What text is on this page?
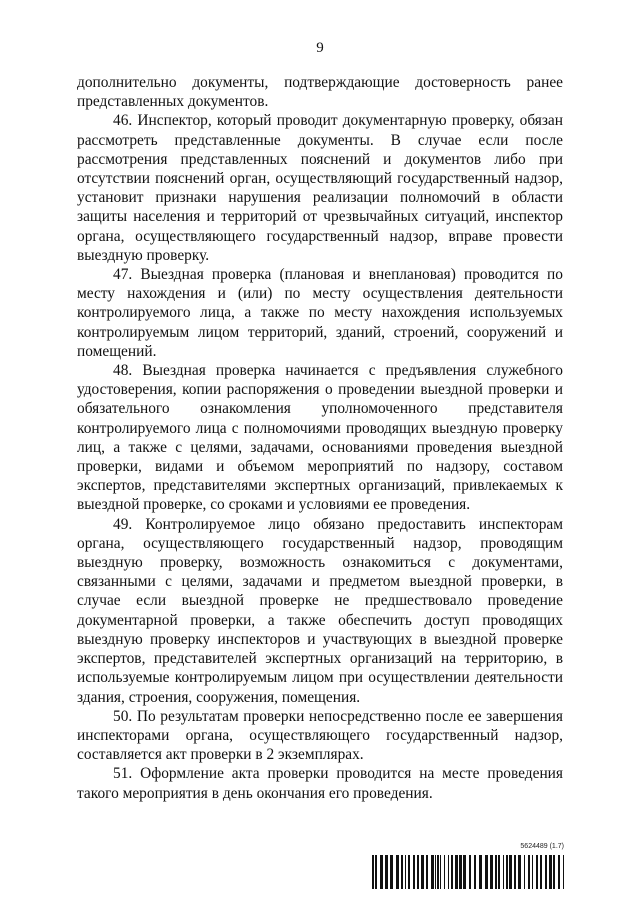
9

дополнительно документы, подтверждающие достоверность ранее представленных документов.

46. Инспектор, который проводит документарную проверку, обязан рассмотреть представленные документы. В случае если после рассмотрения представленных пояснений и документов либо при отсутствии пояснений орган, осуществляющий государственный надзор, установит признаки нарушения реализации полномочий в области защиты населения и территорий от чрезвычайных ситуаций, инспектор органа, осуществляющего государственный надзор, вправе провести выездную проверку.

47. Выездная проверка (плановая и внеплановая) проводится по месту нахождения и (или) по месту осуществления деятельности контролируемого лица, а также по месту нахождения используемых контролируемым лицом территорий, зданий, строений, сооружений и помещений.

48. Выездная проверка начинается с предъявления служебного удостоверения, копии распоряжения о проведении выездной проверки и обязательного ознакомления уполномоченного представителя контролируемого лица с полномочиями проводящих выездную проверку лиц, а также с целями, задачами, основаниями проведения выездной проверки, видами и объемом мероприятий по надзору, составом экспертов, представителями экспертных организаций, привлекаемых к выездной проверке, со сроками и условиями ее проведения.

49. Контролируемое лицо обязано предоставить инспекторам органа, осуществляющего государственный надзор, проводящим выездную проверку, возможность ознакомиться с документами, связанными с целями, задачами и предметом выездной проверки, в случае если выездной проверке не предшествовало проведение документарной проверки, а также обеспечить доступ проводящих выездную проверку инспекторов и участвующих в выездной проверке экспертов, представителей экспертных организаций на территорию, в используемые контролируемым лицом при осуществлении деятельности здания, строения, сооружения, помещения.

50. По результатам проверки непосредственно после ее завершения инспекторами органа, осуществляющего государственный надзор, составляется акт проверки в 2 экземплярах.

51. Оформление акта проверки проводится на месте проведения такого мероприятия в день окончания его проведения.

5624489 (1.7)
